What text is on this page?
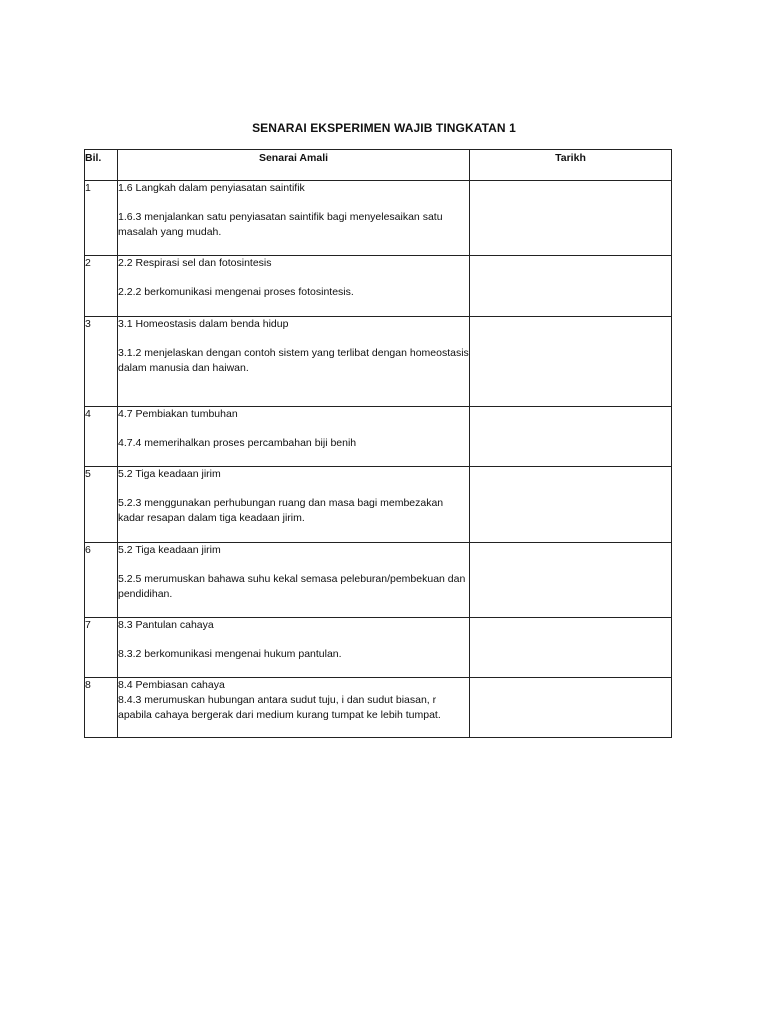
SENARAI EKSPERIMEN WAJIB TINGKATAN 1
Bil.	Senarai Amali	Tarikh
1	1.6 Langkah dalam penyiasatan saintifik
1.6.3 menjalankan satu penyiasatan saintifik bagi menyelesaikan satu masalah yang mudah.	

2	2.2 Respirasi sel dan fotosintesis
2.2.2 berkomunikasi mengenai proses fotosintesis.	

3	3.1 Homeostasis dalam benda hidup
3.1.2 menjelaskan dengan contoh sistem yang terlibat dengan homeostasis dalam manusia dan haiwan.	

4	4.7 Pembiakan tumbuhan
4.7.4 memerihalkan proses percambahan biji benih	

5	5.2 Tiga keadaan jirim
5.2.3 menggunakan perhubungan ruang dan masa bagi membezakan kadar resapan dalam tiga keadaan jirim.	

6	5.2 Tiga keadaan jirim
5.2.5 merumuskan bahawa suhu kekal semasa peleburan/pembekuan dan pendidihan.	

7	8.3 Pantulan cahaya
8.3.2 berkomunikasi mengenai hukum pantulan.	

8	8.4 Pembiasan cahaya
8.4.3 merumuskan hubungan antara sudut tuju, i dan sudut biasan, r apabila cahaya bergerak dari medium kurang tumpat ke lebih tumpat.	
